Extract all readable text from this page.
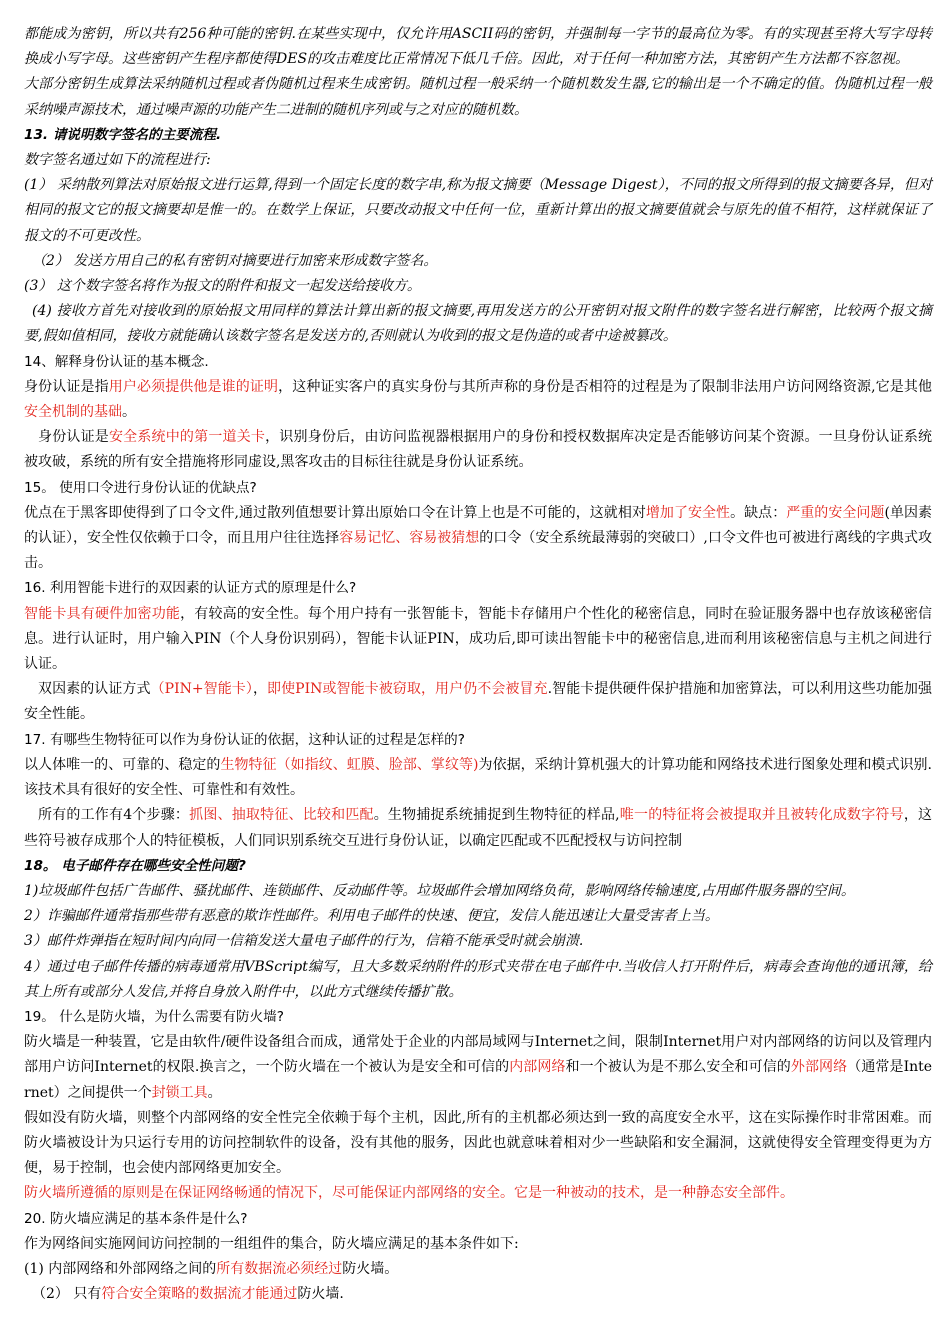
都能成为密钥，所以共有256种可能的密钥.在某些实现中，仅允许用ASCII码的密钥，并强制每一字节的最高位为零。有的实现甚至将大写字母转换成小写字母。这些密钥产生程序都使得DES的攻击难度比正常情况下低几千倍。因此，对于任何一种加密方法，其密钥产生方法都不容忽视。

大部分密钥生成算法采纳随机过程或者伪随机过程来生成密钥。随机过程一般采纳一个随机数发生器,它的输出是一个不确定的值。伪随机过程一般采纳噪声源技术，通过噪声源的功能产生二进制的随机序列或与之对应的随机数。

13. 请说明数字签名的主要流程.

数字签名通过如下的流程进行:

(1） 采纳散列算法对原始报文进行运算,得到一个固定长度的数字串,称为报文摘要（Message Digest），不同的报文所得到的报文摘要各异，但对相同的报文它的报文摘要却是惟一的。在数学上保证，只要改动报文中任何一位，重新计算出的报文摘要值就会与原先的值不相符，这样就保证了报文的不可更改性。

（2） 发送方用自己的私有密钥对摘要进行加密来形成数字签名。

(3） 这个数字签名将作为报文的附件和报文一起发送给接收方。

(4) 接收方首先对接收到的原始报文用同样的算法计算出新的报文摘要,再用发送方的公开密钥对报文附件的数字签名进行解密，比较两个报文摘要,假如值相同，接收方就能确认该数字签名是发送方的,否则就认为收到的报文是伪造的或者中途被篡改。

14、解释身份认证的基本概念.

身份认证是指用户必须提供他是谁的证明，这种证实客户的真实身份与其所声称的身份是否相符的过程是为了限制非法用户访问网络资源,它是其他安全机制的基础。

身份认证是安全系统中的第一道关卡，识别身份后，由访问监视器根据用户的身份和授权数据库决定是否能够访问某个资源。一旦身份认证系统被攻破，系统的所有安全措施将形同虚设,黑客攻击的目标往往就是身份认证系统。

15。 使用口令进行身份认证的优缺点?

优点在于黑客即使得到了口令文件,通过散列值想要计算出原始口令在计算上也是不可能的，这就相对增加了安全性。缺点：严重的安全问题(单因素的认证），安全性仅依赖于口令，而且用户往往选择容易记忆、容易被猜想的口令（安全系统最薄弱的突破口）,口令文件也可被进行离线的字典式攻击。

16. 利用智能卡进行的双因素的认证方式的原理是什么?

智能卡具有硬件加密功能，有较高的安全性。每个用户持有一张智能卡，智能卡存储用户个性化的秘密信息，同时在验证服务器中也存放该秘密信息。进行认证时，用户输入PIN（个人身份识别码），智能卡认证PIN，成功后,即可读出智能卡中的秘密信息,进而利用该秘密信息与主机之间进行认证。

双因素的认证方式（PIN+智能卡），即使PIN或智能卡被窃取，用户仍不会被冒充.智能卡提供硬件保护措施和加密算法，可以利用这些功能加强安全性能。

17. 有哪些生物特征可以作为身份认证的依据，这种认证的过程是怎样的?

以人体唯一的、可靠的、稳定的生物特征（如指纹、虹膜、脸部、掌纹等)为依据，采纳计算机强大的计算功能和网络技术进行图象处理和模式识别.该技术具有很好的安全性、可靠性和有效性。

所有的工作有4个步骤：抓图、抽取特征、比较和匹配。生物捕捉系统捕捉到生物特征的样品,唯一的特征将会被提取并且被转化成数字符号，这些符号被存成那个人的特征模板，人们同识别系统交互进行身份认证，以确定匹配或不匹配授权与访问控制

18。 电子邮件存在哪些安全性问题?

1)垃圾邮件包括广告邮件、骚扰邮件、连锁邮件、反动邮件等。垃圾邮件会增加网络负荷，影响网络传输速度,占用邮件服务器的空间。

2）诈骗邮件通常指那些带有恶意的欺诈性邮件。利用电子邮件的快速、便宜，发信人能迅速让大量受害者上当。

3）邮件炸弹指在短时间内向同一信箱发送大量电子邮件的行为，信箱不能承受时就会崩溃.

4）通过电子邮件传播的病毒通常用VBScript编写，且大多数采纳附件的形式夹带在电子邮件中.当收信人打开附件后，病毒会查询他的通讯簿，给其上所有或部分人发信,并将自身放入附件中，以此方式继续传播扩散。

19。 什么是防火墙，为什么需要有防火墙?

防火墙是一种装置，它是由软件/硬件设备组合而成，通常处于企业的内部局域网与Internet之间，限制Internet用户对内部网络的访问以及管理内部用户访问Internet的权限.换言之，一个防火墙在一个被认为是安全和可信的内部网络和一个被认为是不那么安全和可信的外部网络（通常是Internet）之间提供一个封锁工具。

假如没有防火墙，则整个内部网络的安全性完全依赖于每个主机，因此,所有的主机都必须达到一致的高度安全水平，这在实际操作时非常困难。而防火墙被设计为只运行专用的访问控制软件的设备，没有其他的服务，因此也就意味着相对少一些缺陷和安全漏洞，这就使得安全管理变得更为方便，易于控制，也会使内部网络更加安全。

防火墙所遵循的原则是在保证网络畅通的情况下，尽可能保证内部网络的安全。它是一种被动的技术，是一种静态安全部件。

20. 防火墙应满足的基本条件是什么?

作为网络间实施网间访问控制的一组组件的集合，防火墙应满足的基本条件如下:

(1) 内部网络和外部网络之间的所有数据流必须经过防火墙。

（2） 只有符合安全策略的数据流才能通过防火墙.
